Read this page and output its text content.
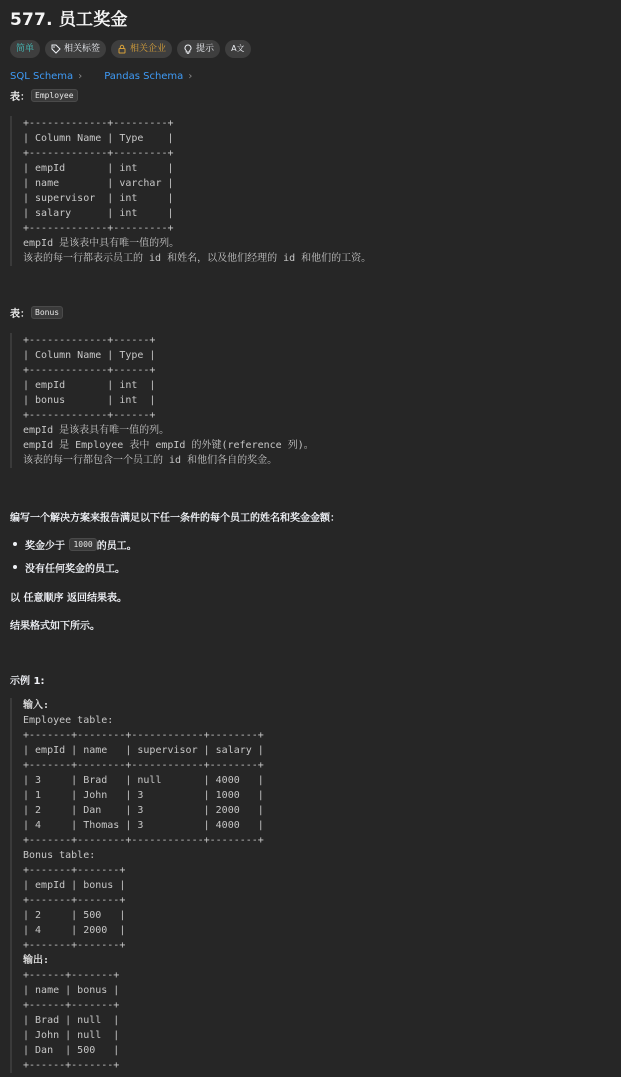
577. 员工奖金
简单	相关标签	相关企业	提示 A文
SQL Schema › Pandas Schema ›
表： Employee
+-------------+---------+
| Column Name | Type    |
+-------------+---------+
| empId       | int     |
| name        | varchar |
| supervisor  | int     |
| salary      | int     |
+-------------+---------+
empId 是该表中具有唯一值的列。
该表的每一行都表示员工的 id 和姓名，以及他们经理的 id 和他们的工资。
表： Bonus
+-------------+------+
| Column Name | Type |
+-------------+------+
| empId       | int  |
| bonus       | int  |
+-------------+------+
empId 是该表具有唯一值的列。
empId 是 Employee 表中 empId 的外键(reference 列)。
该表的每一行都包含一个员工的 id 和他们各自的奖金。
编写一个解决方案来报告满足以下任一条件的每个员工的姓名和奖金金额：
奖金 少于
	1000 的员工。
没有任何奖金的员工。
以 任意顺序 返回结果表。
结果格式如下所示。
示例 1:
输入:
Employee table:
+-------+--------+------------+--------+
| empId | name   | supervisor | salary |
+-------+--------+------------+--------+
| 3     | Brad   | null       | 4000   |
| 1     | John   | 3          | 1000   |
| 2     | Dan    | 3          | 2000   |
| 4     | Thomas | 3          | 4000   |
+-------+--------+------------+--------+
Bonus table:
+-------+-------+
| empId | bonus |
+-------+-------+
| 2     | 500   |
| 4     | 2000  |
+-------+-------+
输出:
+------+-------+
| name | bonus |
+------+-------+
| Brad | null  |
| John | null  |
| Dan  | 500   |
+------+-------+
